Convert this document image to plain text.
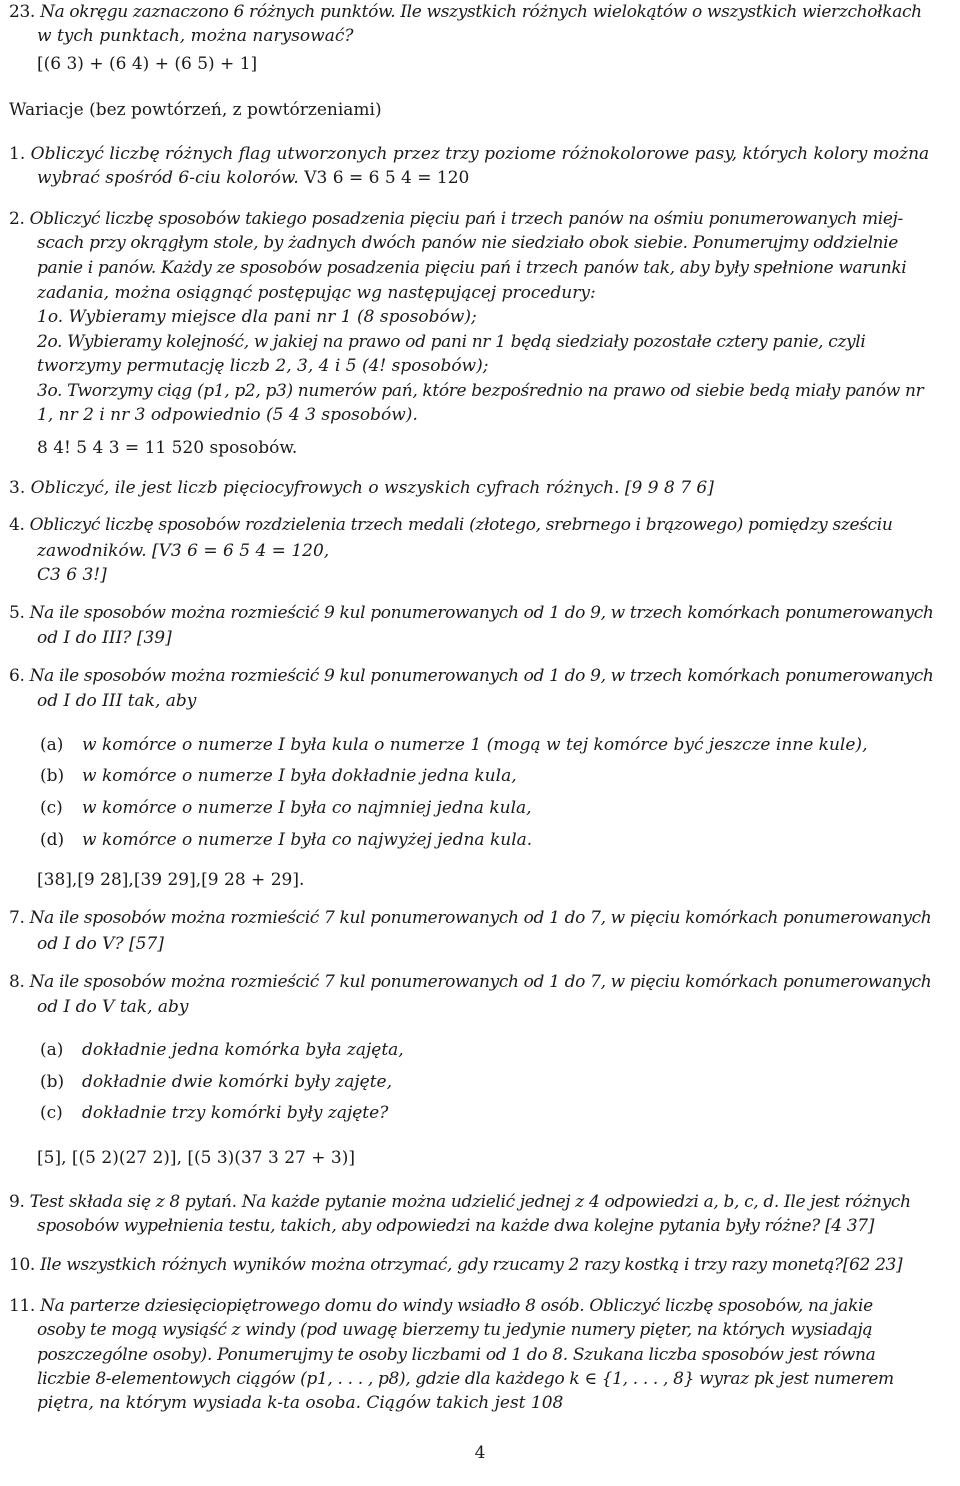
23. Na okręgu zaznaczono 6 różnych punktów. Ile wszystkich różnych wielokątów o wszystkich wierzchołkach

w tych punktach, można narysować?

[(6 3) + (6 4) + (6 5) + 1]

Wariacje (bez powtórzeń, z powtórzeniami)

1. Obliczyć liczbę różnych flag utworzonych przez trzy poziome różnokolorowe pasy, których kolory można

wybrać spośród 6-ciu kolorów. V3 6 = 6 5 4 = 120

2. Obliczyć liczbę sposobów takiego posadzenia pięciu pań i trzech panów na ośmiu ponumerowanych miej-

scach przy okrągłym stole, by żadnych dwóch panów nie siedziało obok siebie. Ponumerujmy oddzielnie

panie i panów. Każdy ze sposobów posadzenia pięciu pań i trzech panów tak, aby były spełnione warunki

zadania, można osiągnąć postępując wg następującej procedury:

1o. Wybieramy miejsce dla pani nr 1 (8 sposobów);

2o. Wybieramy kolejność, w jakiej na prawo od pani nr 1 będą siedziały pozostałe cztery panie, czyli

tworzymy permutację liczb 2, 3, 4 i 5 (4! sposobów);

3o. Tworzymy ciąg (p1, p2, p3) numerów pań, które bezpośrednio na prawo od siebie bedą miały panów nr

1, nr 2 i nr 3 odpowiednio (5 4 3 sposobów).

8 4! 5 4 3 = 11 520 sposobów.

3. Obliczyć, ile jest liczb pięciocyfrowych o wszyskich cyfrach różnych. [9 9 8 7 6]

4. Obliczyć liczbę sposobów rozdzielenia trzech medali (złotego, srebrnego i brązowego) pomiędzy sześciu

zawodników. [V3 6 = 6 5 4 = 120,

C3 6 3!]

5. Na ile sposobów można rozmieścić 9 kul ponumerowanych od 1 do 9, w trzech komórkach ponumerowanych

od I do III? [39]

6. Na ile sposobów można rozmieścić 9 kul ponumerowanych od 1 do 9, w trzech komórkach ponumerowanych

od I do III tak, aby

(a) w komórce o numerze I była kula o numerze 1 (mogą w tej komórce być jeszcze inne kule),

(b) w komórce o numerze I była dokładnie jedna kula,

(c) w komórce o numerze I była co najmniej jedna kula,

(d) w komórce o numerze I była co najwyżej jedna kula.

[38],[9 28],[39 29],[9 28 + 29].

7. Na ile sposobów można rozmieścić 7 kul ponumerowanych od 1 do 7, w pięciu komórkach ponumerowanych

od I do V? [57]

8. Na ile sposobów można rozmieścić 7 kul ponumerowanych od 1 do 7, w pięciu komórkach ponumerowanych

od I do V tak, aby

(a) dokładnie jedna komórka była zajęta,

(b) dokładnie dwie komórki były zajęte,

(c) dokładnie trzy komórki były zajęte?

[5], [(5 2)(27 2)], [(5 3)(37 3 27 + 3)]

9. Test składa się z 8 pytań. Na każde pytanie można udzielić jednej z 4 odpowiedzi a, b, c, d. Ile jest różnych

sposobów wypełnienia testu, takich, aby odpowiedzi na każde dwa kolejne pytania były różne? [4 37]

10. Ile wszystkich różnych wyników można otrzymać, gdy rzucamy 2 razy kostką i trzy razy monetą?[62 23]

11. Na parterze dziesięciopiętrowego domu do windy wsiadło 8 osób. Obliczyć liczbę sposobów, na jakie

osoby te mogą wysiąść z windy (pod uwagę bierzemy tu jedynie numery pięter, na których wysiadają

poszczególne osoby). Ponumerujmy te osoby liczbami od 1 do 8. Szukana liczba sposobów jest równa

liczbie 8-elementowych ciągów (p1, . . . , p8), gdzie dla każdego k ∈ {1, . . . , 8} wyraz pk jest numerem

piętra, na którym wysiada k-ta osoba. Ciągów takich jest 108

4
